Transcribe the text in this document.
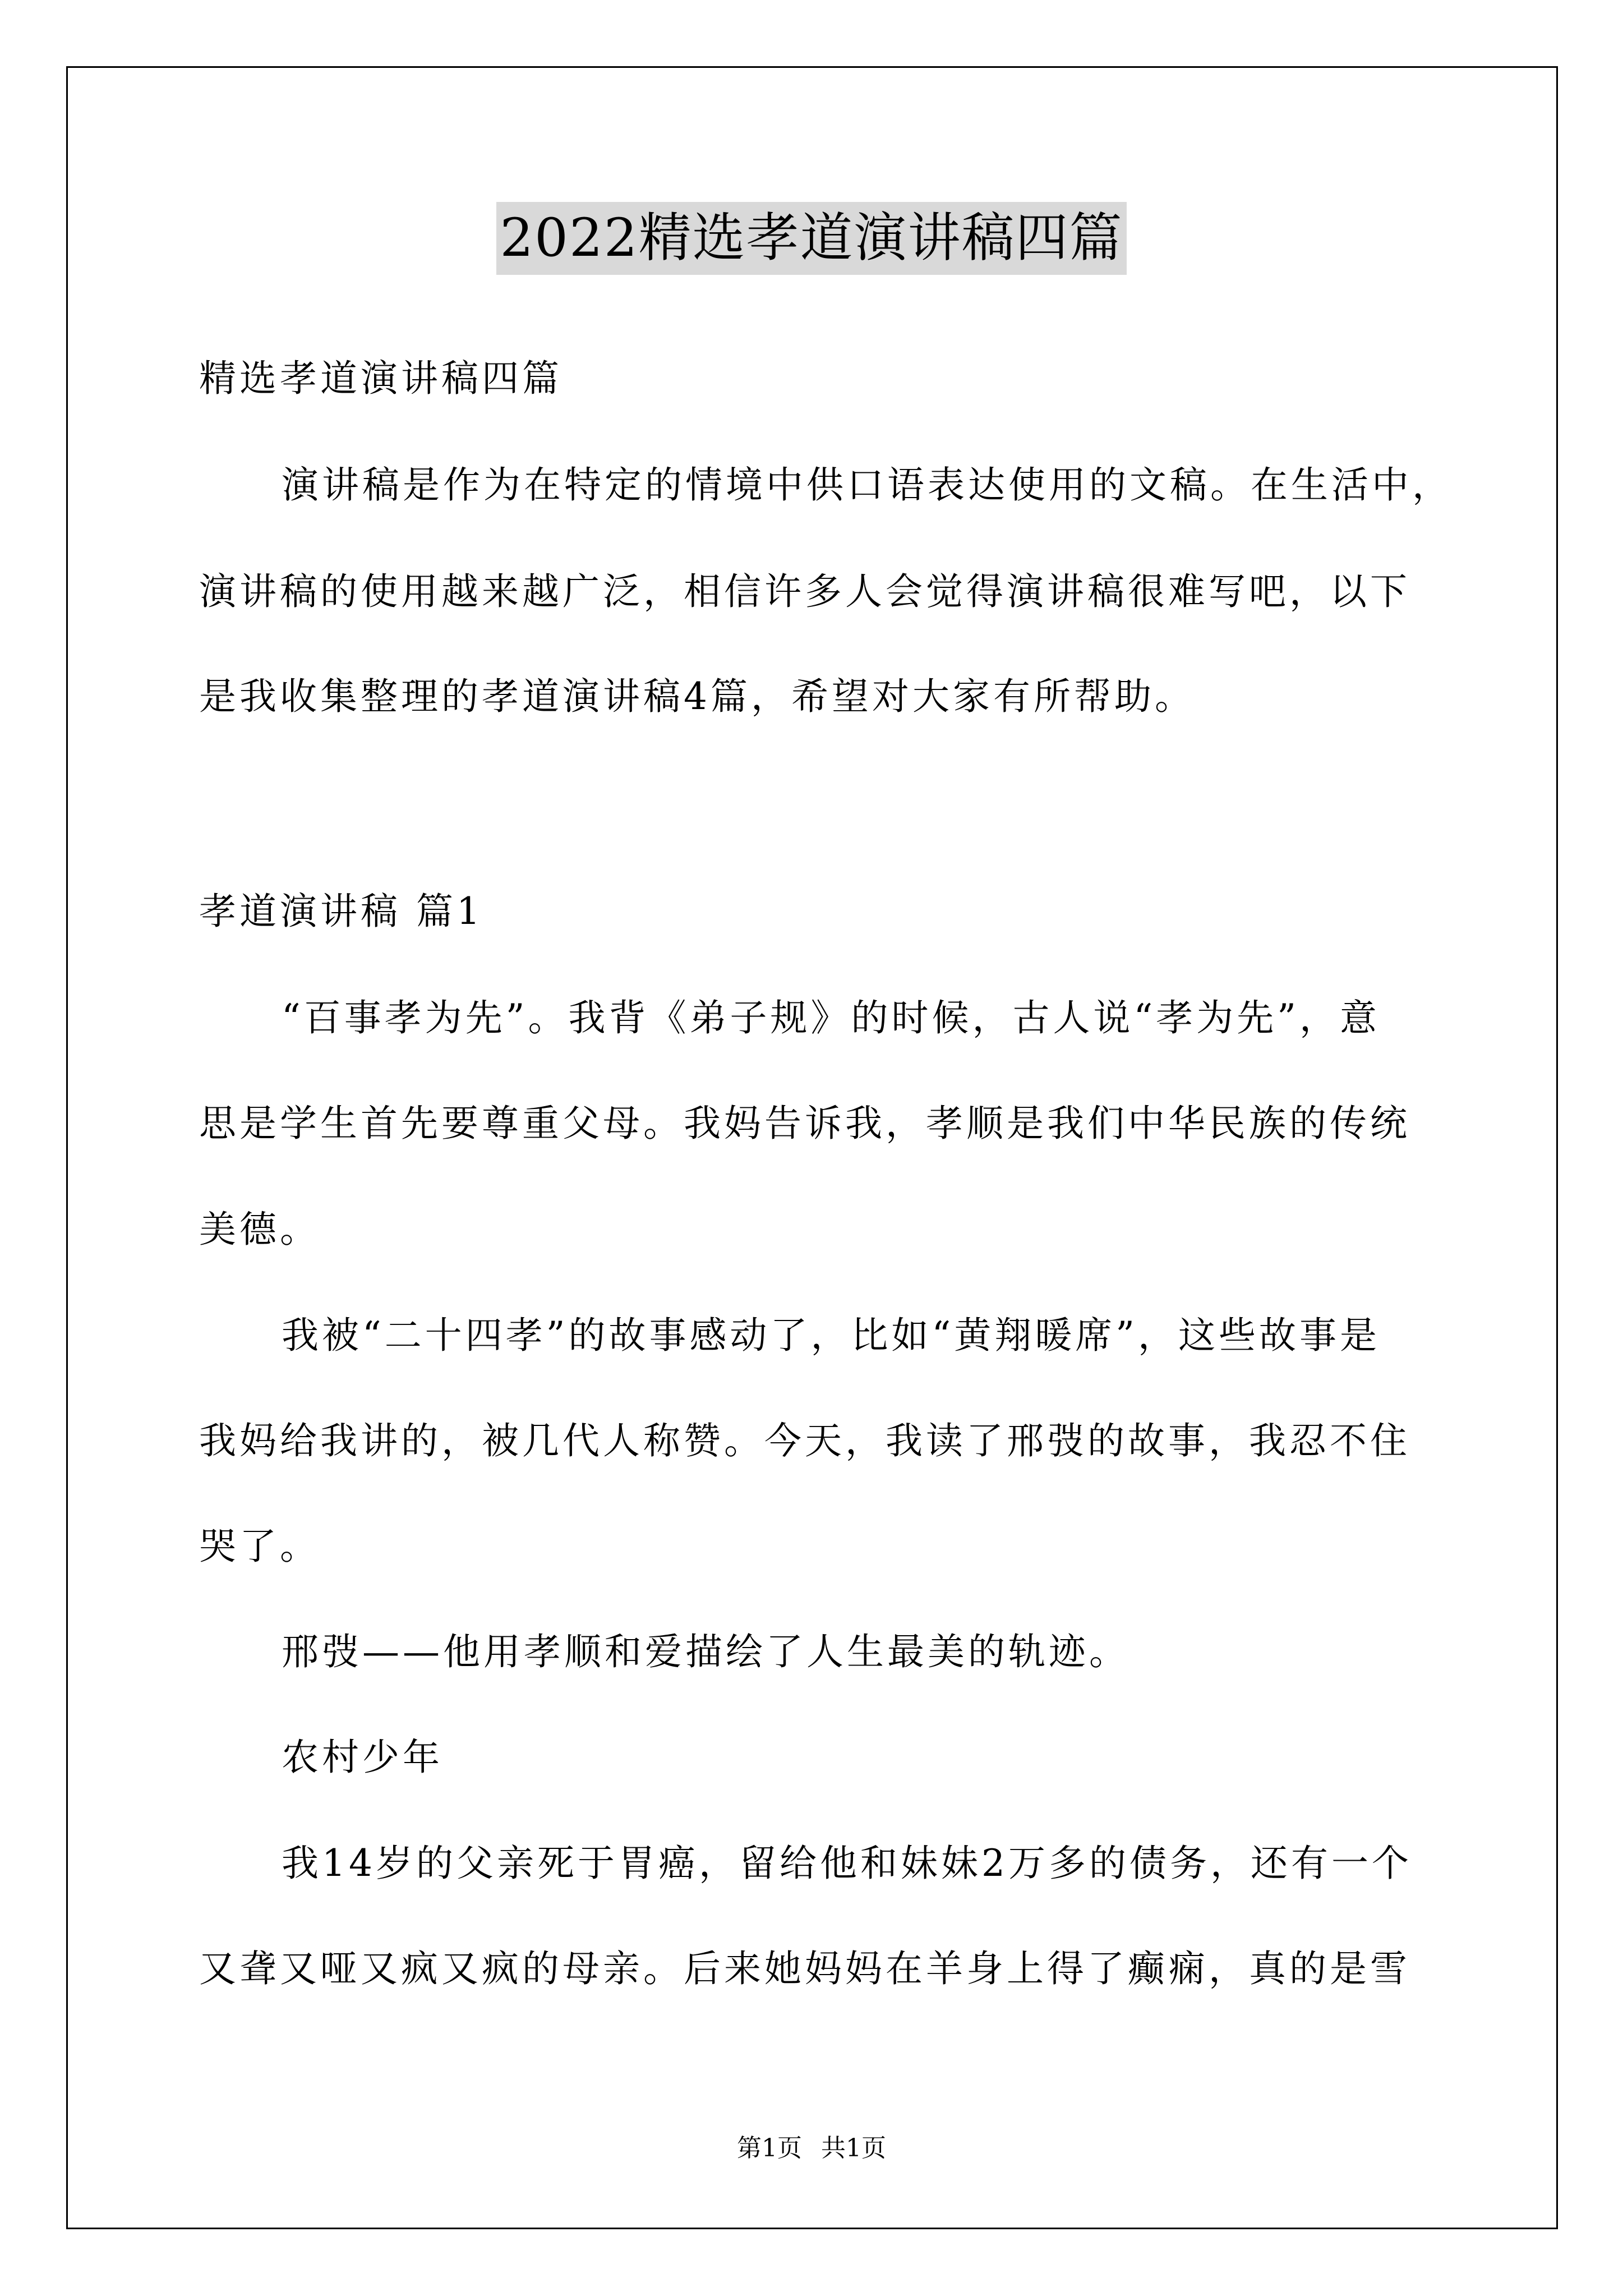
2022精选孝道演讲稿四篇
精选孝道演讲稿四篇
演讲稿是作为在特定的情境中供口语表达使用的文稿。在生活中，
演讲稿的使用越来越广泛，相信许多人会觉得演讲稿很难写吧，以下
是我收集整理的孝道演讲稿4篇，希望对大家有所帮助。
孝道演讲稿 篇1
“百事孝为先”。我背《弟子规》的时候，古人说“孝为先”，意
思是学生首先要尊重父母。我妈告诉我，孝顺是我们中华民族的传统
美德。
我被“二十四孝”的故事感动了，比如“黄翔暖席”，这些故事是
我妈给我讲的，被几代人称赞。今天，我读了邢弢的故事，我忍不住
哭了。
邢弢——他用孝顺和爱描绘了人生最美的轨迹。
农村少年
我14岁的父亲死于胃癌，留给他和妹妹2万多的债务，还有一个
又聋又哑又疯又疯的母亲。后来她妈妈在羊身上得了癫痫，真的是雪
第1页 共1页
